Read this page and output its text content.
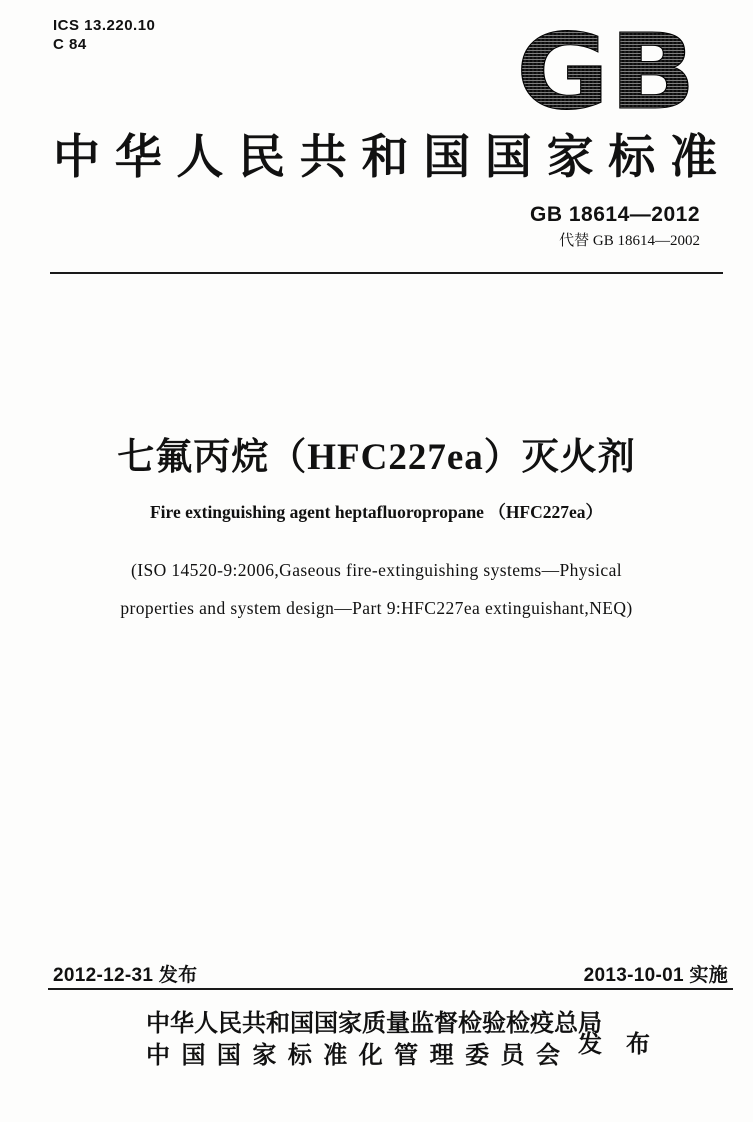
ICS 13.220.10
C 84	GB
中华人民共和国国家标准
GB 18614—2012
代替 GB 18614—2002
七氟丙烷（HFC227ea）灭火剂
Fire extinguishing agent heptafluoropropane （HFC227ea）
(ISO 14520-9:2006,Gaseous fire-extinguishing systems—Physical
properties and system design—Part 9:HFC227ea extinguishant,NEQ)
2012-12-31 发布	2013-10-01 实施
中华人民共和国国家质量监督检验检疫总局
中国国家标准化管理委员会 发 布
